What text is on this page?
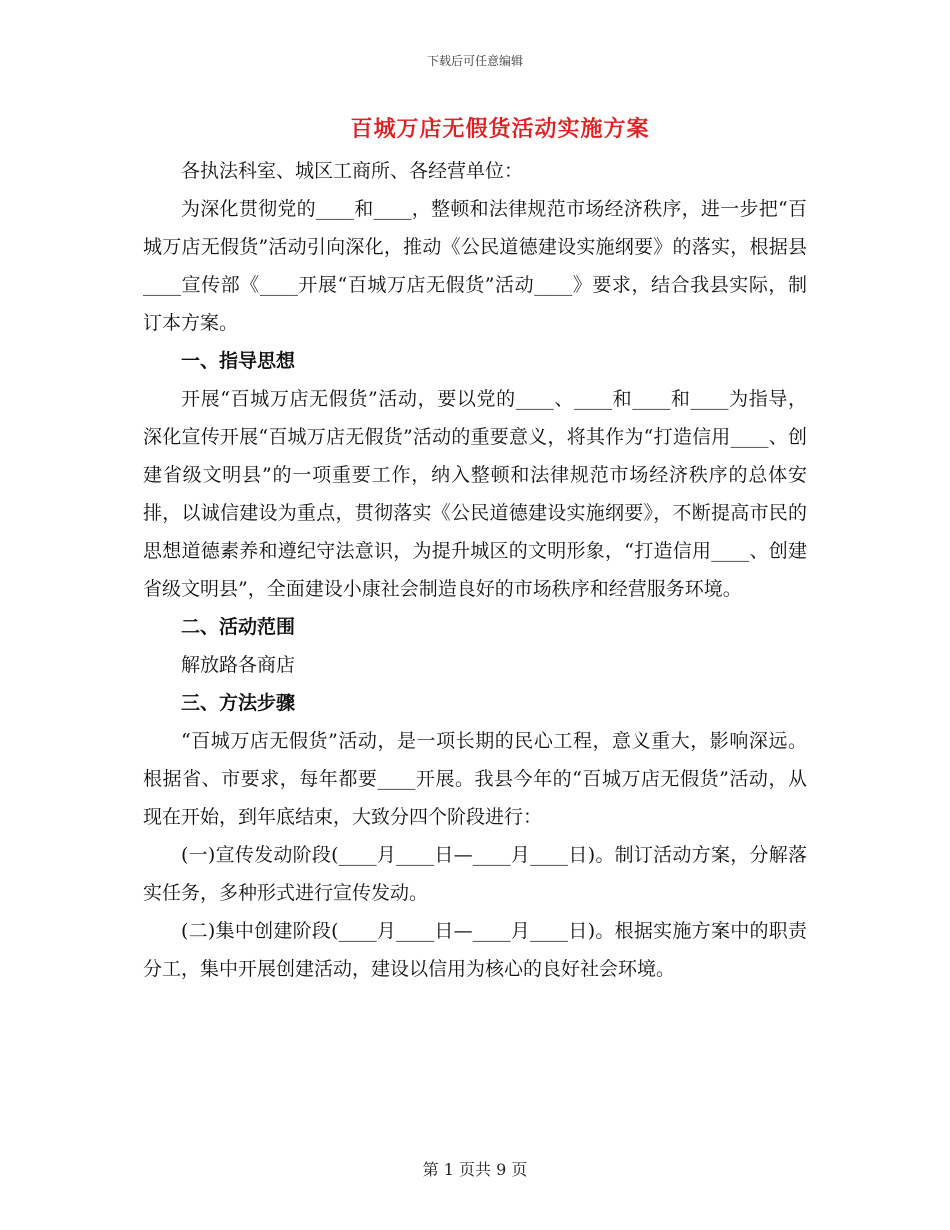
下载后可任意编辑
百城万店无假货活动实施方案

各执法科室、城区工商所、各经营单位：

为深化贯彻党的____和____，整顿和法律规范市场经济秩序，进一步把“百城万店无假货”活动引向深化，推动《公民道德建设实施纲要》的落实，根据县____宣传部《____开展“百城万店无假货”活动____》要求，结合我县实际，制订本方案。

一、指导思想

开展“百城万店无假货”活动，要以党的____、____和____和____为指导，深化宣传开展“百城万店无假货”活动的重要意义，将其作为“打造信用____、创建省级文明县”的一项重要工作，纳入整顿和法律规范市场经济秩序的总体安排，以诚信建设为重点，贯彻落实《公民道德建设实施纲要》，不断提高市民的思想道德素养和遵纪守法意识，为提升城区的文明形象，“打造信用____、创建省级文明县”，全面建设小康社会制造良好的市场秩序和经营服务环境。

二、活动范围

解放路各商店

三、方法步骤

“百城万店无假货”活动，是一项长期的民心工程，意义重大，影响深远。根据省、市要求，每年都要____开展。我县今年的“百城万店无假货”活动，从现在开始，到年底结束，大致分四个阶段进行：

(一)宣传发动阶段(____月____日—____月____日)。制订活动方案，分解落实任务，多种形式进行宣传发动。

(二)集中创建阶段(____月____日—____月____日)。根据实施方案中的职责分工，集中开展创建活动，建设以信用为核心的良好社会环境。

第 1 页共 9 页
